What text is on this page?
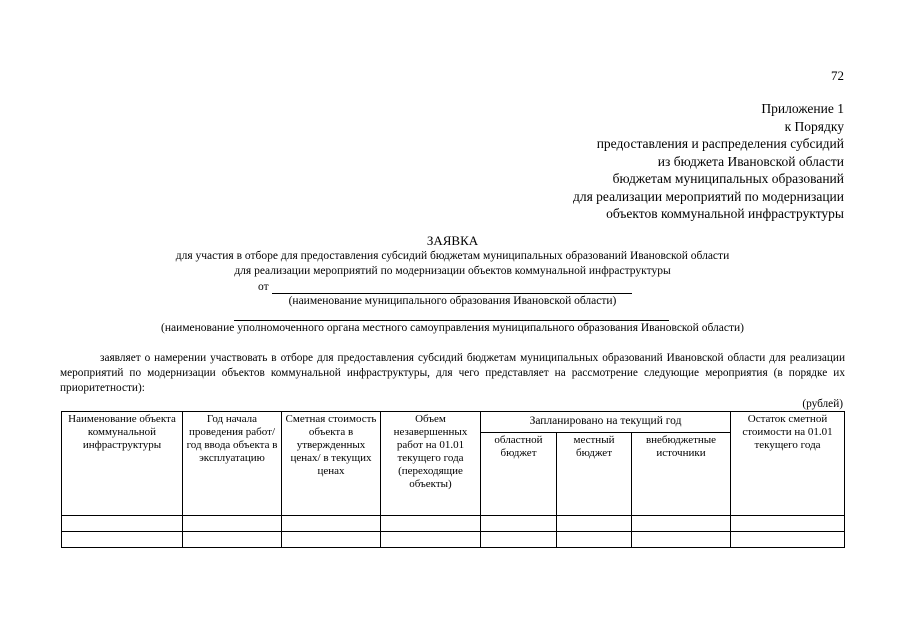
72
Приложение 1
к Порядку
предоставления и распределения субсидий
из бюджета Ивановской области
бюджетам муниципальных образований
для реализации мероприятий по модернизации
объектов коммунальной инфраструктуры
ЗАЯВКА
для участия в отборе для предоставления субсидий бюджетам муниципальных образований Ивановской области
для реализации мероприятий по модернизации объектов коммунальной инфраструктуры
от
(наименование муниципального образования Ивановской области)
(наименование уполномоченного органа местного самоуправления муниципального образования Ивановской области)
заявляет о намерении участвовать в отборе для предоставления субсидий бюджетам муниципальных образований Ивановской области для реализации мероприятий по модернизации объектов коммунальной инфраструктуры, для чего представляет на рассмотрение следующие мероприятия (в порядке их приоритетности):
(рублей)
Наименование объекта коммунальной инфраструктуры	Год начала проведения работ/ год ввода объекта в эксплуатацию	Сметная стоимость объекта в утвержденных ценах/ в текущих ценах	Объем незавершенных работ на 01.01 текущего года (переходящие объекты)	Запланировано на текущий год			Остаток сметной стоимости на 01.01 текущего года
				областной бюджет	местный бюджет	внебюджетные источники	
